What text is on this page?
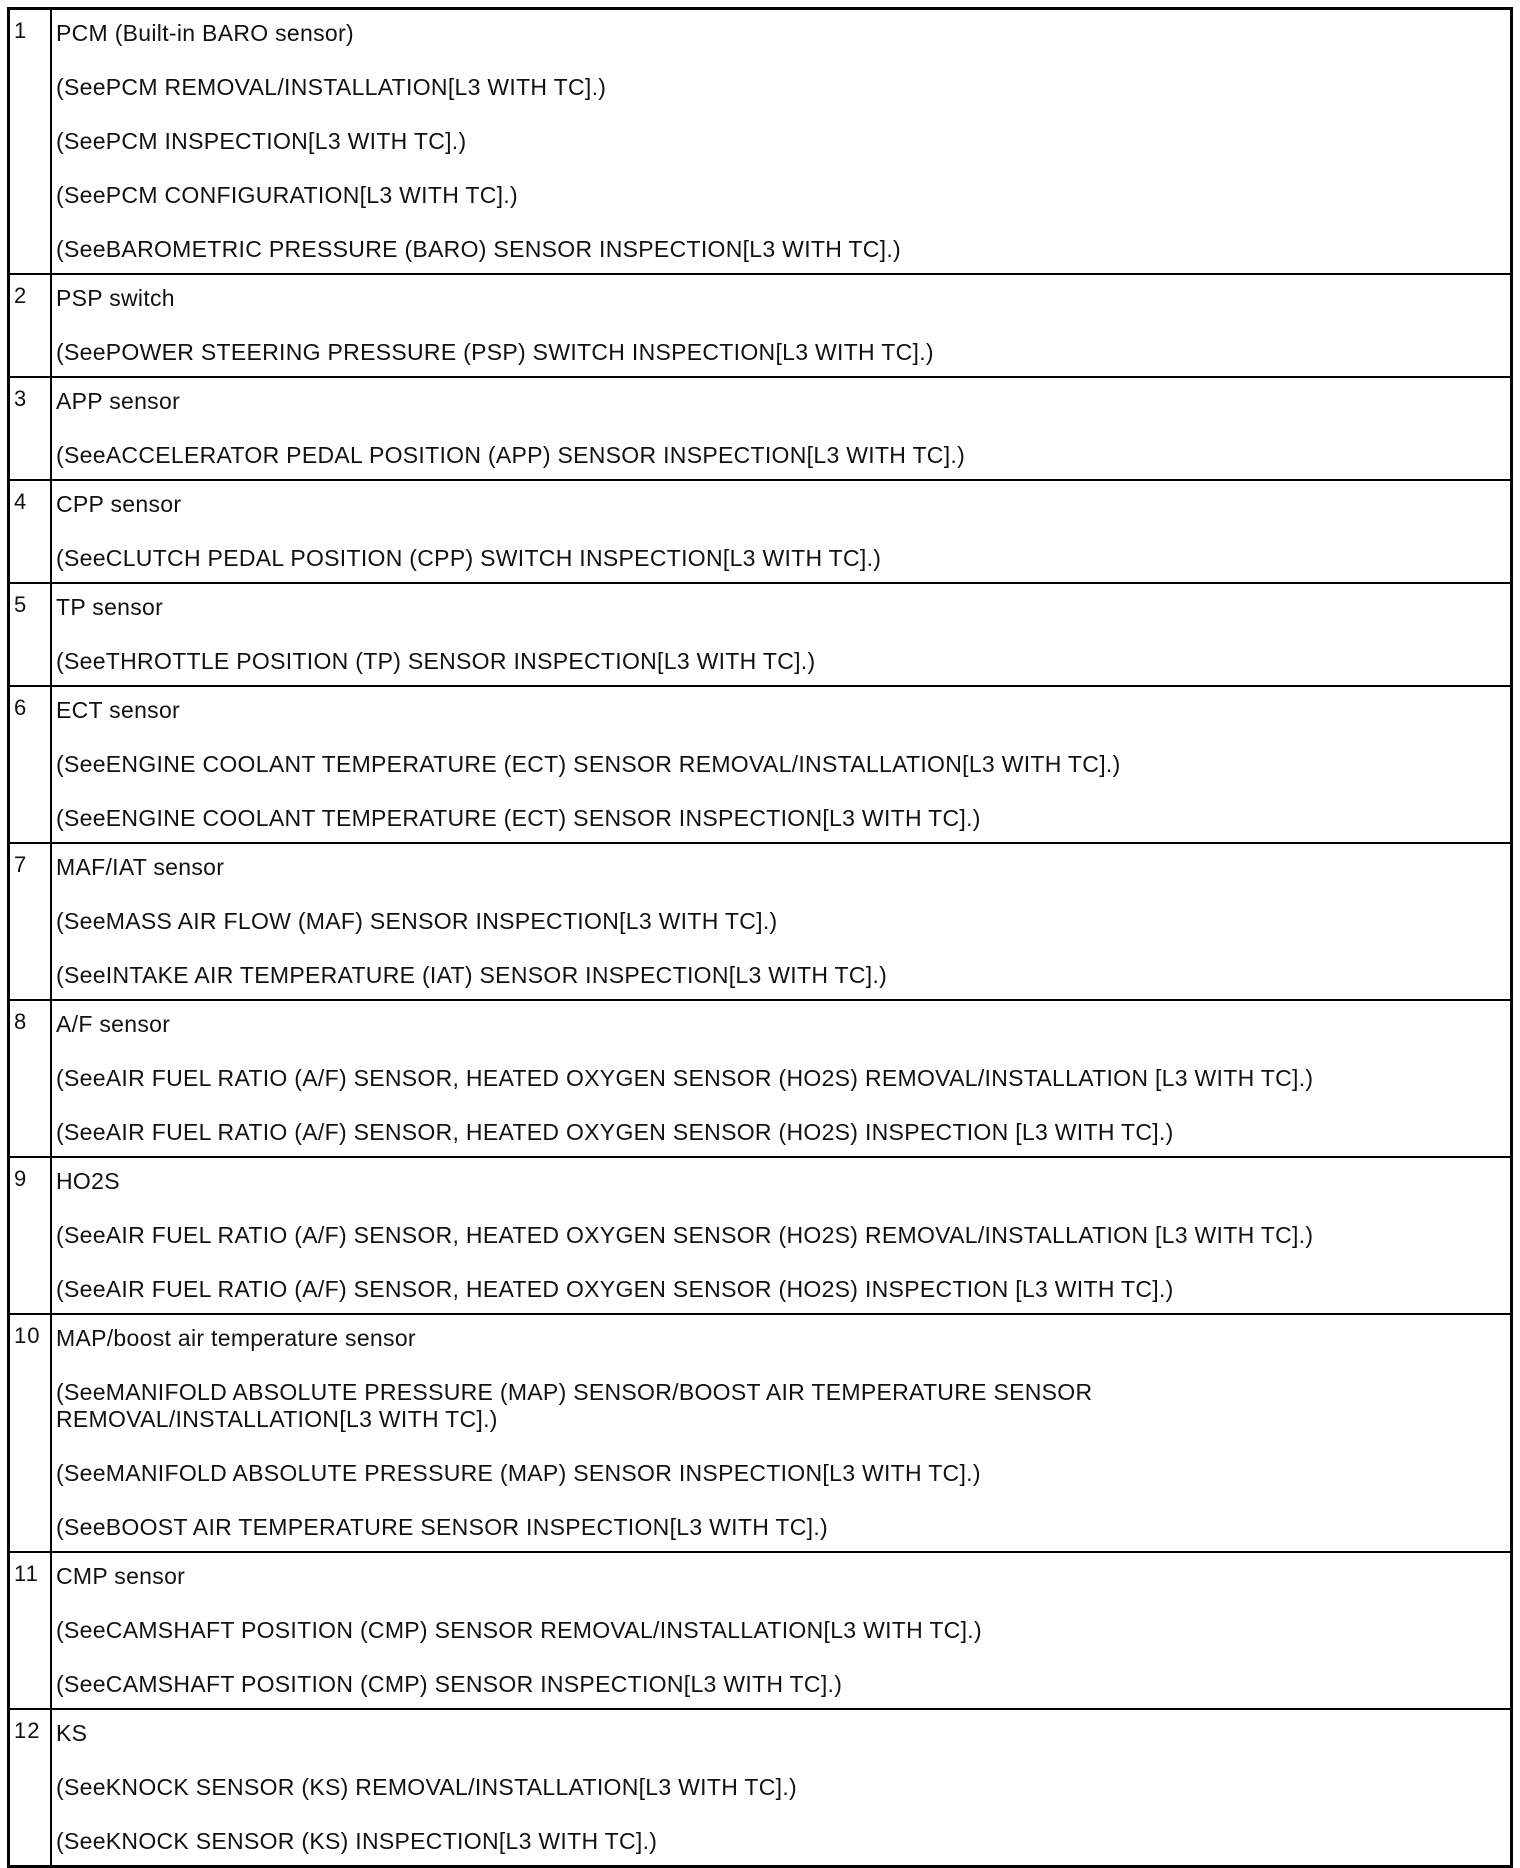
1	PCM (Built-in BARO sensor)

(SeePCM REMOVAL/INSTALLATION[L3 WITH TC].)

(SeePCM INSPECTION[L3 WITH TC].)

(SeePCM CONFIGURATION[L3 WITH TC].)

(SeeBAROMETRIC PRESSURE (BARO) SENSOR INSPECTION[L3 WITH TC].)

2	PSP switch

(SeePOWER STEERING PRESSURE (PSP) SWITCH INSPECTION[L3 WITH TC].)

3	APP sensor

(SeeACCELERATOR PEDAL POSITION (APP) SENSOR INSPECTION[L3 WITH TC].)

4	CPP sensor

(SeeCLUTCH PEDAL POSITION (CPP) SWITCH INSPECTION[L3 WITH TC].)

5	TP sensor

(SeeTHROTTLE POSITION (TP) SENSOR INSPECTION[L3 WITH TC].)

6	ECT sensor

(SeeENGINE COOLANT TEMPERATURE (ECT) SENSOR REMOVAL/INSTALLATION[L3 WITH TC].)

(SeeENGINE COOLANT TEMPERATURE (ECT) SENSOR INSPECTION[L3 WITH TC].)

7	MAF/IAT sensor

(SeeMASS AIR FLOW (MAF) SENSOR INSPECTION[L3 WITH TC].)

(SeeINTAKE AIR TEMPERATURE (IAT) SENSOR INSPECTION[L3 WITH TC].)

8	A/F sensor

(SeeAIR FUEL RATIO (A/F) SENSOR, HEATED OXYGEN SENSOR (HO2S) REMOVAL/INSTALLATION [L3 WITH TC].)

(SeeAIR FUEL RATIO (A/F) SENSOR, HEATED OXYGEN SENSOR (HO2S) INSPECTION [L3 WITH TC].)

9	HO2S

(SeeAIR FUEL RATIO (A/F) SENSOR, HEATED OXYGEN SENSOR (HO2S) REMOVAL/INSTALLATION [L3 WITH TC].)

(SeeAIR FUEL RATIO (A/F) SENSOR, HEATED OXYGEN SENSOR (HO2S) INSPECTION [L3 WITH TC].)

10	MAP/boost air temperature sensor

(SeeMANIFOLD ABSOLUTE PRESSURE (MAP) SENSOR/BOOST AIR TEMPERATURE SENSOR REMOVAL/INSTALLATION[L3 WITH TC].)

(SeeMANIFOLD ABSOLUTE PRESSURE (MAP) SENSOR INSPECTION[L3 WITH TC].)

(SeeBOOST AIR TEMPERATURE SENSOR INSPECTION[L3 WITH TC].)

11	CMP sensor

(SeeCAMSHAFT POSITION (CMP) SENSOR REMOVAL/INSTALLATION[L3 WITH TC].)

(SeeCAMSHAFT POSITION (CMP) SENSOR INSPECTION[L3 WITH TC].)

12	KS

(SeeKNOCK SENSOR (KS) REMOVAL/INSTALLATION[L3 WITH TC].)

(SeeKNOCK SENSOR (KS) INSPECTION[L3 WITH TC].)
